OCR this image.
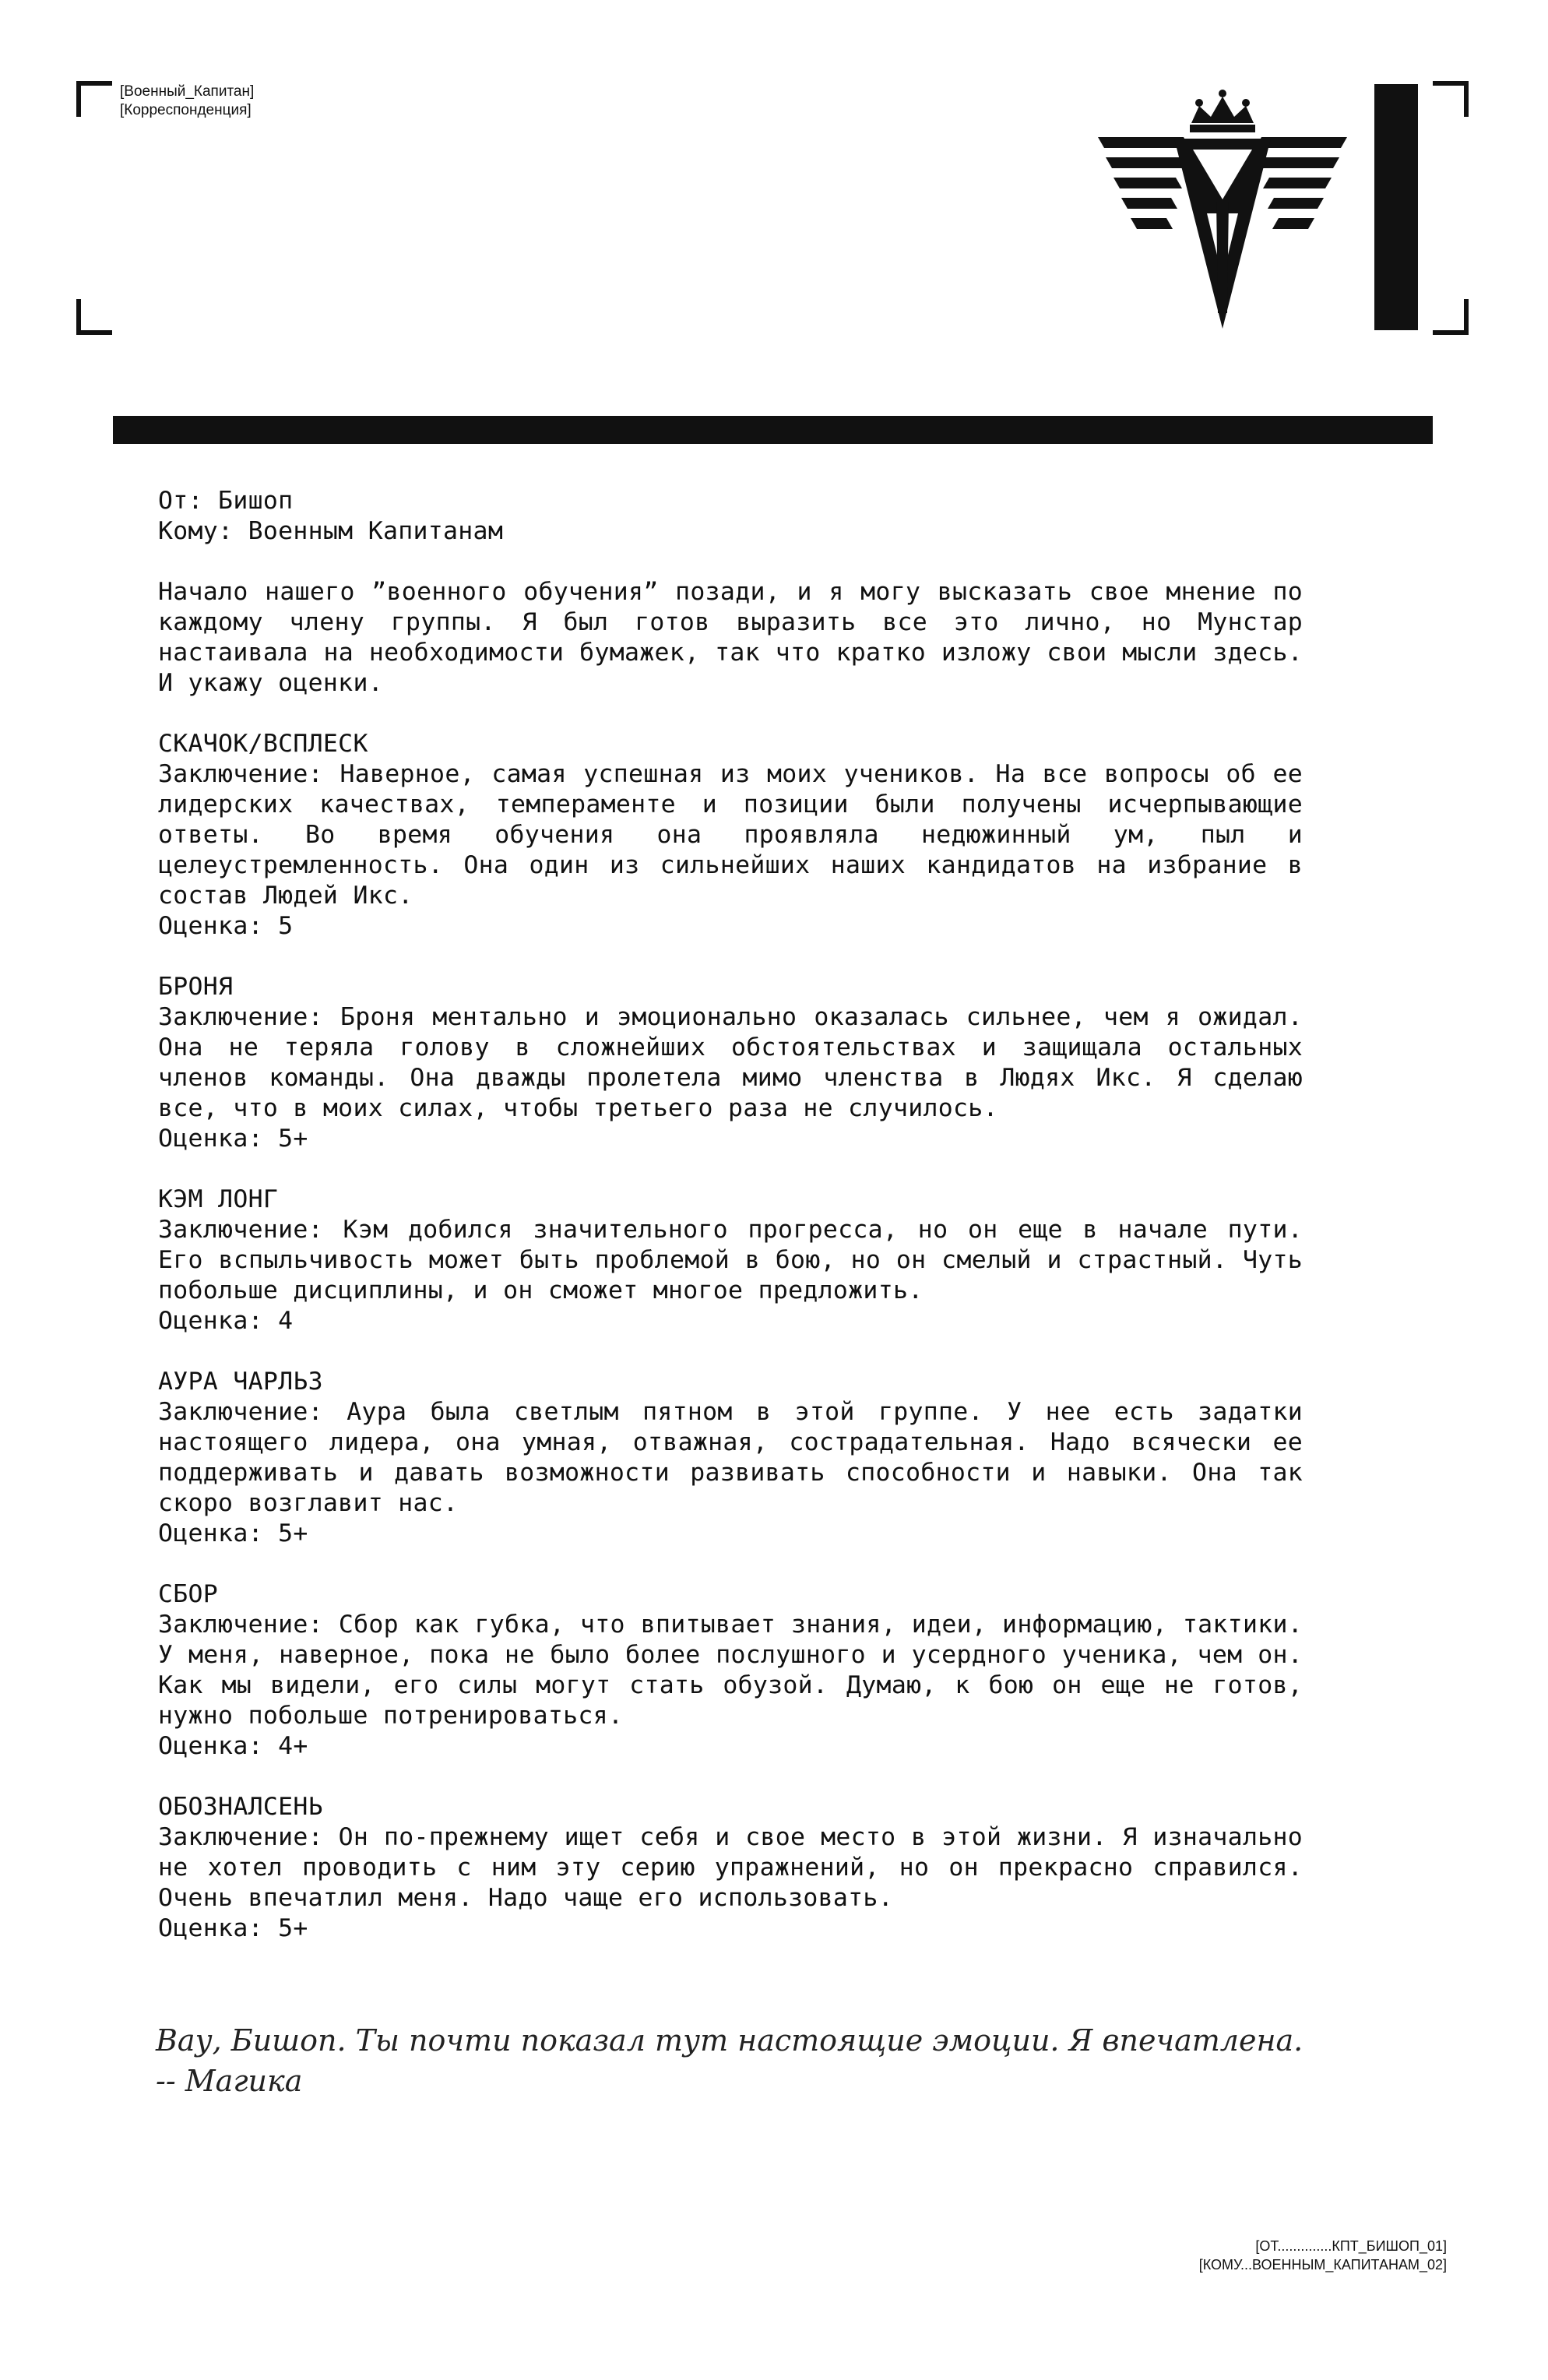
[Военный_Капитан]
[Корреспонденция]
От: Бишоп
Кому: Военным Капитанам

Начало нашего ”военного обучения” позади, и я могу высказать свое мнение по каждому члену группы. Я был готов выразить все это лично, но Мунстар настаивала на необходимости бумажек, так что кратко изложу свои мысли здесь. И укажу оценки.

СКАЧОК/ВСПЛЕСК

Заключение: Наверное, самая успешная из моих учеников. На все вопросы об ее лидерских качествах, темпераменте и позиции были получены исчерпывающие ответы. Во время обучения она проявляла недюжинный ум, пыл и целеустремленность. Она один из сильнейших наших кандидатов на избрание в состав Людей Икс.

Оценка: 5
БРОНЯ

Заключение: Броня ментально и эмоционально оказалась сильнее, чем я ожидал. Она не теряла голову в сложнейших обстоятельствах и защищала остальных членов команды. Она дважды пролетела мимо членства в Людях Икс. Я сделаю все, что в моих силах, чтобы третьего раза не случилось.

Оценка: 5+
КЭМ ЛОНГ

Заключение: Кэм добился значительного прогресса, но он еще в начале пути. Его вспыльчивость может быть проблемой в бою, но он смелый и страстный. Чуть побольше дисциплины, и он сможет многое предложить.

Оценка: 4
АУРА ЧАРЛЬЗ

Заключение: Аура была светлым пятном в этой группе. У нее есть задатки настоящего лидера, она умная, отважная, сострадательная. Надо всячески ее поддерживать и давать возможности развивать способности и навыки. Она так скоро возглавит нас.

Оценка: 5+
СБОР

Заключение: Сбор как губка, что впитывает знания, идеи, информацию, тактики. У меня, наверное, пока не было более послушного и усердного ученика, чем он. Как мы видели, его силы могут стать обузой. Думаю, к бою он еще не готов, нужно побольше потренироваться.

Оценка: 4+
ОБОЗНАЛСЕНЬ

Заключение: Он по-прежнему ищет себя и свое место в этой жизни. Я изначально не хотел проводить с ним эту серию упражнений, но он прекрасно справился. Очень впечатлил меня. Надо чаще его использовать.

Оценка: 5+
Вау, Бишоп. Ты почти показал тут настоящие эмоции. Я впечатлена.
-- Магика
[ОТ..............КПТ_БИШОП_01]
[КОМУ...ВОЕННЫМ_КАПИТАНАМ_02]
